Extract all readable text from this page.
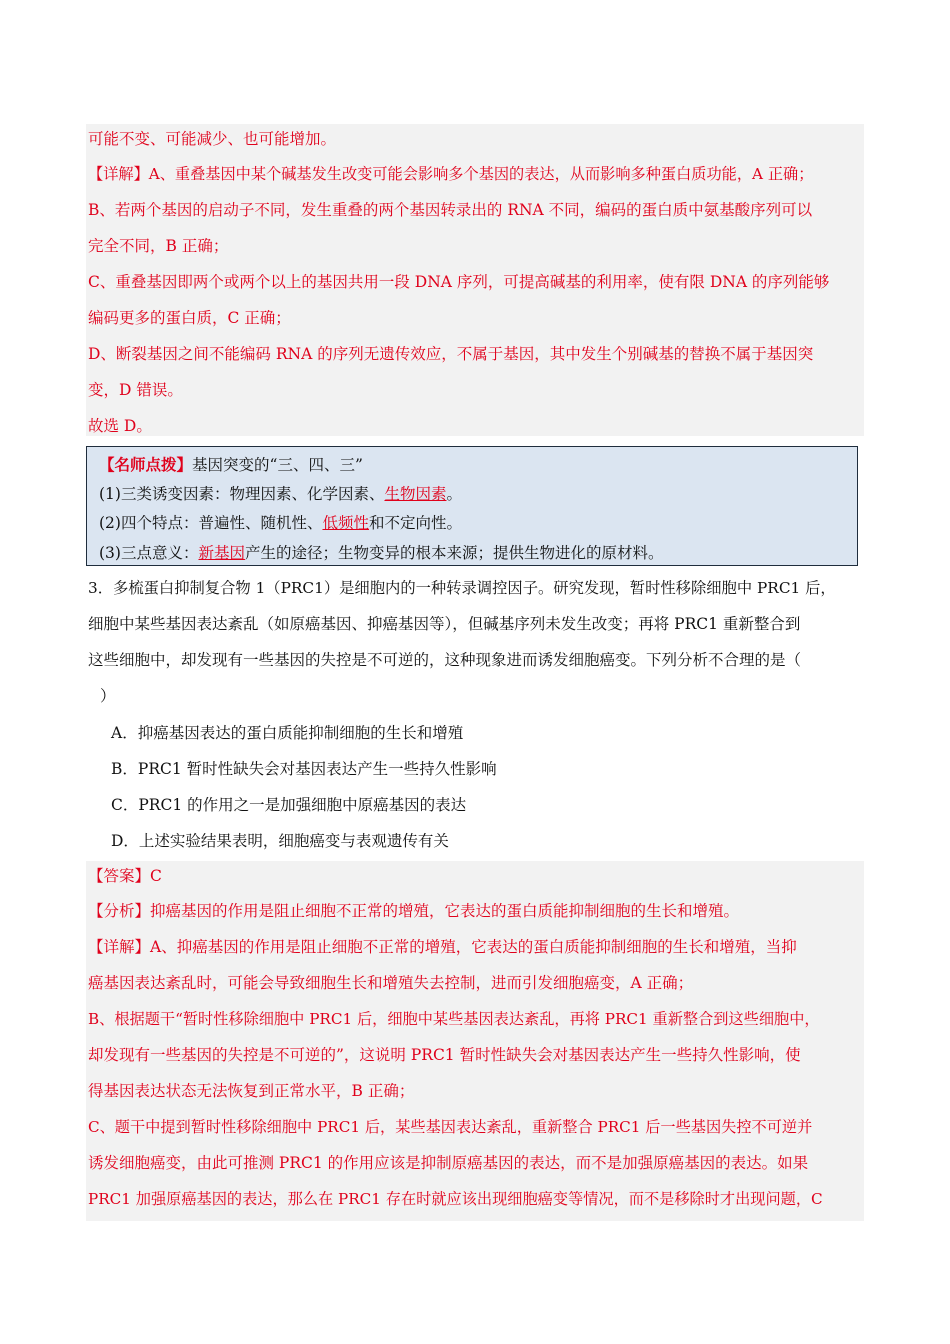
可能不变、可能减少、也可能增加。
【详解】A、重叠基因中某个碱基发生改变可能会影响多个基因的表达，从而影响多种蛋白质功能，A 正确；
B、若两个基因的启动子不同，发生重叠的两个基因转录出的 RNA 不同，编码的蛋白质中氨基酸序列可以
完全不同，B 正确；
C、重叠基因即两个或两个以上的基因共用一段 DNA 序列，可提高碱基的利用率，使有限 DNA 的序列能够
编码更多的蛋白质，C 正确；
D、断裂基因之间不能编码 RNA 的序列无遗传效应，不属于基因，其中发生个别碱基的替换不属于基因突
变，D 错误。
故选 D。
【名师点拨】基因突变的“三、四、三”
(1)三类诱变因素：物理因素、化学因素、生物因素。
(2)四个特点：普遍性、随机性、低频性和不定向性。
(3)三点意义：新基因产生的途径；生物变异的根本来源；提供生物进化的原材料。
3．多梳蛋白抑制复合物 1（PRC1）是细胞内的一种转录调控因子。研究发现，暂时性移除细胞中 PRC1 后，
细胞中某些基因表达紊乱（如原癌基因、抑癌基因等），但碱基序列未发生改变；再将 PRC1 重新整合到
这些细胞中，却发现有一些基因的失控是不可逆的，这种现象进而诱发细胞癌变。下列分析不合理的是（
）
A．抑癌基因表达的蛋白质能抑制细胞的生长和增殖
B．PRC1 暂时性缺失会对基因表达产生一些持久性影响
C．PRC1 的作用之一是加强细胞中原癌基因的表达
D．上述实验结果表明，细胞癌变与表观遗传有关
【答案】C
【分析】抑癌基因的作用是阻止细胞不正常的增殖，它表达的蛋白质能抑制细胞的生长和增殖。
【详解】A、抑癌基因的作用是阻止细胞不正常的增殖，它表达的蛋白质能抑制细胞的生长和增殖，当抑
癌基因表达紊乱时，可能会导致细胞生长和增殖失去控制，进而引发细胞癌变，A 正确；
B、根据题干“暂时性移除细胞中 PRC1 后，细胞中某些基因表达紊乱，再将 PRC1 重新整合到这些细胞中，
却发现有一些基因的失控是不可逆的”，这说明 PRC1 暂时性缺失会对基因表达产生一些持久性影响，使
得基因表达状态无法恢复到正常水平，B 正确；
C、题干中提到暂时性移除细胞中 PRC1 后，某些基因表达紊乱，重新整合 PRC1 后一些基因失控不可逆并
诱发细胞癌变，由此可推测 PRC1 的作用应该是抑制原癌基因的表达，而不是加强原癌基因的表达。如果
PRC1 加强原癌基因的表达，那么在 PRC1 存在时就应该出现细胞癌变等情况，而不是移除时才出现问题，C
